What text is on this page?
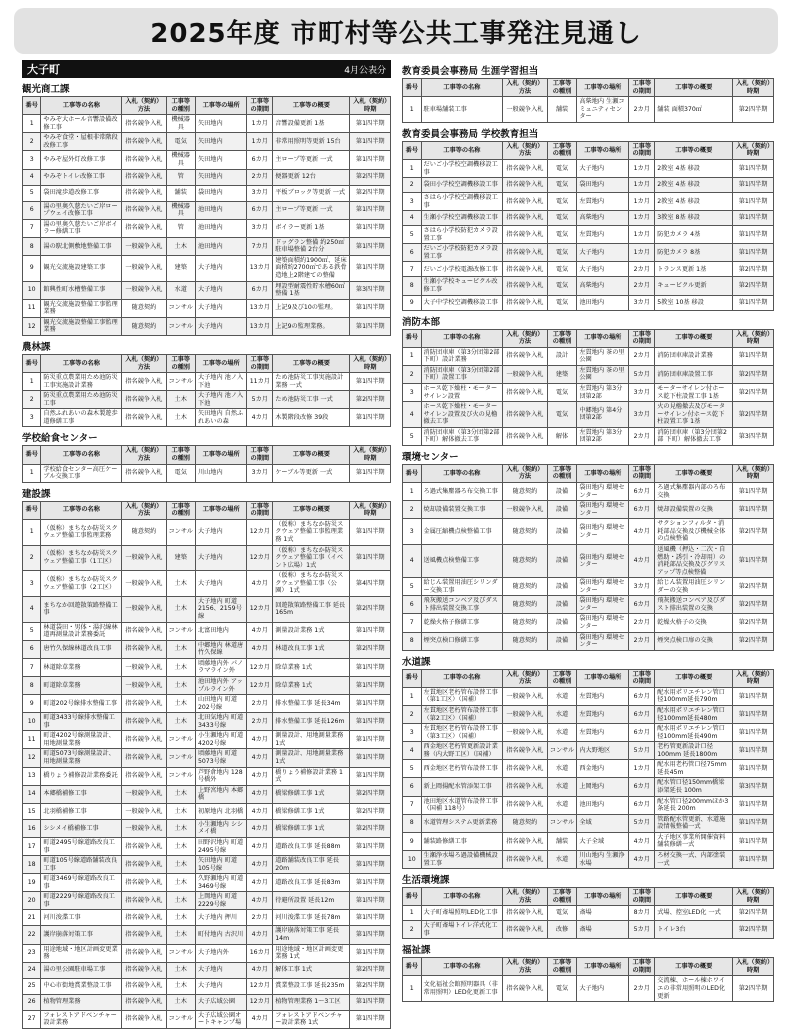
2025年度 市町村等公共工事発注見通し
大子町	4月公表分
観光商工課
番号	工事等の名称	入札（契約）方法	工事等の種別	工事等の場所	工事等の期間	工事等の概要	入札（契約）時期
1	やみぞ大ホール音響設備改修工事	指名競争入札	機械器具	矢田地内	1カ月	音響設備更新 1基	第1四半期
2	やみぞ食堂・屋根非常階段改修工事	指名競争入札	電気	矢田地内	1カ月	非常用照明等更新 15台	第1四半期
3	やみぞ屋外灯改修工事	指名競争入札	機械器具	矢田地内	6カ月	主ロープ等更新 一式	第1四半期
4	やみぞトイレ改修工事	指名競争入札	管	矢田地内	2カ月	便器更新 12台	第2四半期
5	袋田滝歩道改修工事	指名競争入札	舗装	袋田地内	3カ月	平板ブロック等更新 一式	第2四半期
6	湯の里奥久慈たいご岸ロープウェイ改修工事	指名競争入札	機械器具	池田地内	6カ月	主ロープ等更新 一式	第1四半期
7	湯の里奥久慈たいご岸ボイラー修繕工事	指名競争入札	管	池田地内	3カ月	ボイラー更新 1基	第1四半期
8	湯の駅北側敷地整備工事	一般競争入札	土木	池田地内	7カ月	ドッグラン整備 約250㎡ 駐車場整備 2台分	第1四半期
9	観光交流施設建築工事	一般競争入札	建築	大子地内	13カ月	建築面積約1900㎡、延床面積約2700㎡である鉄骨造地上2階建ての整備	第1四半期
10	館興性町水槽整備工事	一般競争入札	水道	大子地内	6カ月	埋設型耐震性貯水槽60㎥整備 1基	第3四半期
11	観光交流施設整備工事監理業務	随意契約	コンサル	大子地内	13カ月	上記9及び10の監理。	第1四半期
12	観光交流施設整備工事監理業務	随意契約	コンサル	大子地内	13カ月	上記9の監理業務。	第1四半期
農林課
番号	工事等の名称	入札（契約）方法	工事等の種別	工事等の場所	工事等の期間	工事等の概要	入札（契約）時期
1	防災重点農業用ため池防災工事実施設計業務	指名競争入札	コンサル	大子地内 池ノ入下池	11カ月	ため池防災工事実施設計業務 一式	第1四半期
2	防災重点農業用ため池防災工事	指名競争入札	土木	大子地内 池ノ入下池	5カ月	ため池防災工事 一式	第2四半期
3	自然ふれあいの森木製遊歩道修繕工事	指名競争入札	土木	矢田地内 自然ふれあいの森	4カ月	木製階段改修 39段	第1四半期
学校給食センター
番号	工事等の名称	入札（契約）方法	工事等の種別	工事等の場所	工事等の期間	工事等の概要	入札（契約）時期
1	学校給食センター高圧ケーブル交換工事	指名競争入札	電気	川山地内	3カ月	ケーブル等更新 一式	第1四半期
建設課
番号	工事等の名称	入札（契約）方法	工事等の種別	工事等の場所	工事等の期間	工事等の概要	入札（契約）時期
1	（仮称）まちなか防災スクウェア整備工事監理業務	随意契約	コンサル	大子地内	12カ月	（仮称）まちなか防災スクウェア整備工事監理業務 1式	第1四半期
2	（仮称）まちなか防災スクウェア整備工事（1工区）	一般競争入札	建築	大子地内	12カ月	（仮称）まちなか防災スクウェア整備工事（イベント広場）1式	第1四半期
3	（仮称）まちなか防災スクウェア整備工事（2工区）	一般競争入札	土木	大子地内	4カ月	（仮称）まちなか防災スクウェア整備工事（公園） 1式	第4四半期
4	まちなか回遊散策路整備工事	一般競争入札	土木	大子地内 町道2156、2159号線	12カ月	回遊散策路整備工事 延長165m	第2四半期
5	林道袋田・男体・湯沢線林道再測量設計業務委託	指名競争入札	コンサル	北富田地内	4カ月	測量設計業務 1式	第1四半期
6	唐竹久保線林道改良工事	指名競争入札	土木	中郷地内 林道唐竹久保線	4カ月	林道改良工事 1式	第2四半期
7	林道除草業務	一般競争入札	土木	頃藤地内外 パノラマライン外	12カ月	除草業務 1式	第1四半期
8	町道除草業務	一般競争入札	土木	池田地内外 アップルライン外	12カ月	除草業務 1式	第1四半期
9	町道202号線排水整備工事	指名競争入札	土木	山田地内 町道202号線	2カ月	排水整備工事 延長34m	第1四半期
10	町道3433号線排水整備工事	指名競争入札	土木	北田気地内 町道3433号線	2カ月	排水整備工事 延長126m	第1四半期
11	町道4202号線測量設計、用地測量業務	指名競争入札	コンサル	小生瀬地内 町道4202号線	4カ月	測量設計、用地測量業務 1式	第1四半期
12	町道5073号線測量設計、用地測量業務	指名競争入札	コンサル	頃藤地内 町道5073号線	4カ月	測量設計、用地測量業務 1式	第1四半期
13	橋りょう補修設計業務委託	指名競争入札	コンサル	芦野倉地内 128号橋外	4カ月	橋りょう補修設計業務 1式	第1四半期
14	本郷橋補修工事	一般競争入札	土木	上野宮地内 本郷橋	4カ月	橋梁修繕工事 1式	第2四半期
15	北羽橋補修工事	一般競争入札	土木	初原地内 北羽橋	4カ月	橋梁修繕工事 1式	第2四半期
16	シシメイ橋補修工事	一般競争入札	土木	小生瀬地内 シシメイ橋	4カ月	橋梁修繕工事 1式	第2四半期
17	町道2495号線道路改良工事	指名競争入札	土木	田野沢地内 町道2495号線	4カ月	道路改良工事 延長88m	第1四半期
18	町道105号線道路舗装改良工事	指名競争入札	土木	矢田地内 町道105号線	4カ月	道路舗装改良工事 延長20m	第1四半期
19	町道3469号線道路改良工事	指名競争入札	土木	久野瀬地内 町道3469号線	4カ月	道路改良工事 延長83m	第1四半期
20	町道2229号線道路改良工事	指名競争入札	土木	上岡地内 町道2229号線	4カ月	待避所設置 延長12m	第1四半期
21	河川浚渫工事	指名競争入札	土木	大子地内 押川	2カ月	河川浚渫工事 延長78m	第1四半期
22	護岸崩落対策工事	指名競争入札	土木	町付地内 古沢川	4カ月	護岸崩落対策工事 延長14m	第1四半期
23	用途地域・地区計画変更業務	指名競争入札	コンサル	大子地内外	16カ月	用途地域・地区計画変更業務 1式	第1四半期
24	湯の里公園駐車場工事	指名競争入札	土木	大子地内	4カ月	解体工事 1式	第2四半期
25	中心市街地賞業整設工事	指名競争入札	土木	大子地内	12カ月	賞業整設工事 延長235m	第2四半期
26	植物管理業務	指名競争入札	土木	大子広域公園	12カ月	植物管理業務 1～3工区	第1四半期
27	フォレストアドベンチャー設計業務	指名競争入札	コンサル	大子広域公園オートキャンプ場	4カ月	フォレストアドベンチャー設計業務 1式	第1四半期
教育委員会事務局 生涯学習担当
番号	工事等の名称	入札（契約）方法	工事等の種別	工事等の場所	工事等の期間	工事等の概要	入札（契約）時期
1	駐車場舗装工事	一般競争入札	舗装	高柴地内 生瀬コミュニティセンター	2カ月	舗装 面積370㎡	第2四半期
教育委員会事務局 学校教育担当
番号	工事等の名称	入札（契約）方法	工事等の種別	工事等の場所	工事等の期間	工事等の概要	入札（契約）時期
1	だいご小学校空調機移設工事	指名競争入札	電気	大子地内	1カ月	2教室 4基 移設	第1四半期
2	袋田小学校空調機移設工事	指名競争入札	電気	袋田地内	1カ月	2教室 4基 移設	第1四半期
3	さはら小学校空調機移設工事	指名競争入札	電気	左貫地内	1カ月	2教室 4基 移設	第1四半期
4	生瀬小学校空調機移設工事	指名競争入札	電気	高柴地内	1カ月	3教室 8基 移設	第1四半期
5	さはら小学校防犯カメラ設置工事	指名競争入札	電気	左貫地内	1カ月	防犯カメラ 4基	第1四半期
6	だいご小学校防犯カメラ設置工事	指名競争入札	電気	大子地内	1カ月	防犯カメラ 8基	第1四半期
7	だいご小学校電源改修工事	指名競争入札	電気	大子地内	2カ月	トランス更新 1基	第2四半期
8	生瀬小学校キュービクル改修工事	指名競争入札	電気	高柴地内	2カ月	キュービクル更新	第2四半期
9	大子中学校空調機移設工事	指名競争入札	電気	池田地内	3カ月	5教室 10基 移設	第1四半期
消防本部
番号	工事等の名称	入札（契約）方法	工事等の種別	工事等の場所	工事等の期間	工事等の概要	入札（契約）時期
1	消防団車庫（第3分団第2部 下町）設計業務	指名競争入札	設計	左貫地内 茶の里公園	2カ月	消防団車庫設計業務	第1四半期
2	消防団車庫（第3分団第2部 下町）設置工事	一般競争入札	建築	左貫地内 茶の里公園	5カ月	消防団車庫設置工事	第2四半期
3	ホース乾下燥柱・モーターサイレン設置	指名競争入札	電気	左貫地内 第3分団第2部	3カ月	モーターサイレン付ホース乾下柱設置工事 1基	第2四半期
4	ホース乾下燥柱・モーターサイレン設置及び火の見櫓撤去工事	指名競争入札	電気	中郷地内 第4分団第2部	3カ月	火の見櫓撤去及びモーターサイレン付ホース乾下柱設置工事 1基	第2四半期
5	消防団車庫（第3分団第2部 下町）解体撤去工事	指名競争入札	解体	左貫地内 第3分団第2部	2カ月	消防団車庫（第3分団第2部 下町）解体撤去工事	第3四半期
環境センター
番号	工事等の名称	入札（契約）方法	工事等の種別	工事等の場所	工事等の期間	工事等の概要	入札（契約）時期
1	ろ過式集塵器ろ布交換工事	随意契約	設備	袋田地内 環境センター	6カ月	ろ過式集塵器内部のろ布交換	第1四半期
2	焼却設備装置交換工事	一般競争入札	設備	袋田地内 環境センター	6カ月	焼却設備装置の交換	第1四半期
3	金属圧縮機点検整備工事	随意契約	設備	袋田地内 環境センター	4カ月	サクションフィルタ・消耗部品交換及び機械全体の点検整備	第2四半期
4	送風機点検整備工事	随意契約	設備	袋田地内 環境センター	4カ月	送風機（押込・二次・自燃助・誘引・冷却用）の消耗部品交換及びグリスアップ等点検整備	第1四半期
5	給じん装置用油圧シリンダー交換工事	随意契約	設備	袋田地内 環境センター	3カ月	給じん装置用油圧シリンダーの交換	第2四半期
6	飛灰搬送コンベア及びダスト排出装置交換工事	随意契約	設備	袋田地内 環境センター	6カ月	飛灰搬送コンベア及びダスト排出装置の交換	第2四半期
7	乾燥火格子修繕工事	随意契約	設備	袋田地内 環境センター	2カ月	乾燥火格子の交換	第2四半期
8	煙突点検口修繕工事	随意契約	設備	袋田地内 環境センター	2カ月	煙突点検口扉の交換	第2四半期
水道課
番号	工事等の名称	入札（契約）方法	工事等の種別	工事等の場所	工事等の期間	工事等の概要	入札（契約）時期
1	左貫地区老朽管布設替工事（第1工区）（国補）	一般競争入札	水道	左貫地内	6カ月	配水用ポリエチレン管口径100mm延長790m	第1四半期
2	左貫地区老朽管布設替工事（第2工区）（国補）	一般競争入札	水道	左貫地内	6カ月	配水用ポリエチレン管口径100mm延長480m	第1四半期
3	左貫地区老朽管布設替工事（第3工区）（国補）	一般競争入札	水道	左貫地内	6カ月	配水用ポリエチレン管口径100mm延長490m	第1四半期
4	西金地区老朽管更新設計業務（内大野工区）（国補）	指名競争入札	コンサル	内大野地区	5カ月	老朽管更新設計口径100mm 延長1800m	第1四半期
5	西金地区老朽管布設替工事	指名競争入札	水道	西金地内	1カ月	配水用老朽管口径75mm延長45m	第1四半期
6	新上岡揚配水管添架工事	指名競争入札	水道	上岡地内	6カ月	配水管口径150mm橋梁添架延長 100m	第3四半期
7	池田地区水道管布設替工事（国補 118号）	指名競争入札	水道	池田地内	6カ月	配水管口径200mmほか3条延長 200m	第1四半期
8	水道管理システム更新業務	随意契約	コンサル	全域	5カ月	管路配水管更新、水道施設情報整備一式	第1四半期
9	舗装路修繕工事	指名競争入札	舗装	大子全域	4カ月	大子地区事業所開催資料舗装修繕一式	第1四半期
10	生瀬浄水場ろ過設備機械設置工事	指名競争入札	水道	川山地内 生瀬浄水場	4カ月	ろ材交換一式、内部塗装一式	第1四半期
生活環境課
番号	工事等の名称	入札（契約）方法	工事等の種別	工事等の場所	工事等の期間	工事等の概要	入札（契約）時期
1	大子町斎場照明LED化工事	指名競争入札	電気	斎場	8カ月	式場、控室LED化 一式	第2四半期
2	大子町斎場トイレ洋式化工事	指名競争入札	改修	斎場	5カ月	トイレ3台	第2四半期
福祉課
番号	工事等の名称	入札（契約）方法	工事等の種別	工事等の場所	工事等の期間	工事等の概要	入札（契約）時期
1	文化福祉会館照明器具（非常用照明）LED化更新工事	指名競争入札	電気	大子地内	2カ月	交流棟、ホール棟ホワイエの非常用照明のLED化更新	第2四半期
